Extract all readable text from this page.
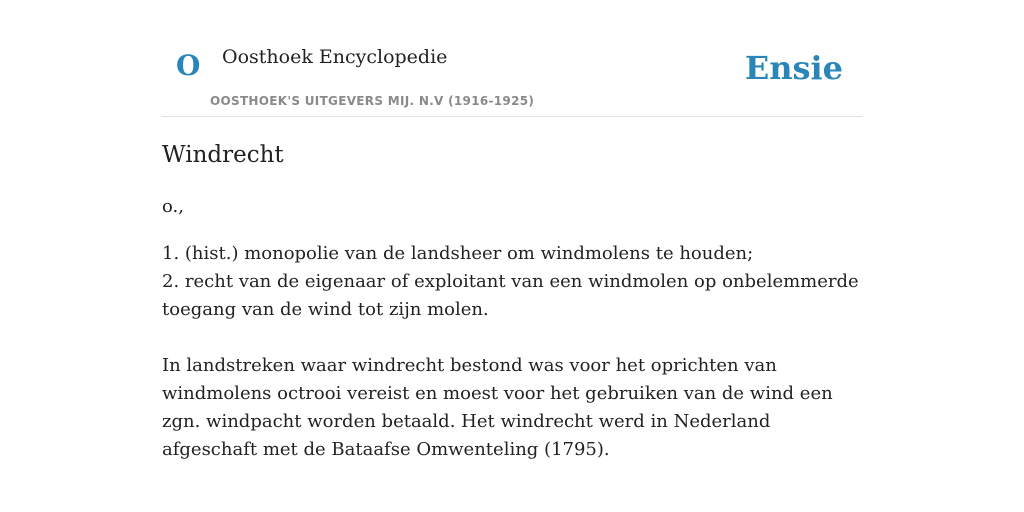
O Oosthoek Encyclopedie
OOSTHOEK'S UITGEVERS MIJ. N.V (1916-1925)
Ensie
Windrecht
o.,
1. (hist.) monopolie van de landsheer om windmolens te houden;
2. recht van de eigenaar of exploitant van een windmolen op onbelemmerde toegang van de wind tot zijn molen.
In landstreken waar windrecht bestond was voor het oprichten van windmolens octrooi vereist en moest voor het gebruiken van de wind een zgn. windpacht worden betaald. Het windrecht werd in Nederland afgeschaft met de Bataafse Omwenteling (1795).
